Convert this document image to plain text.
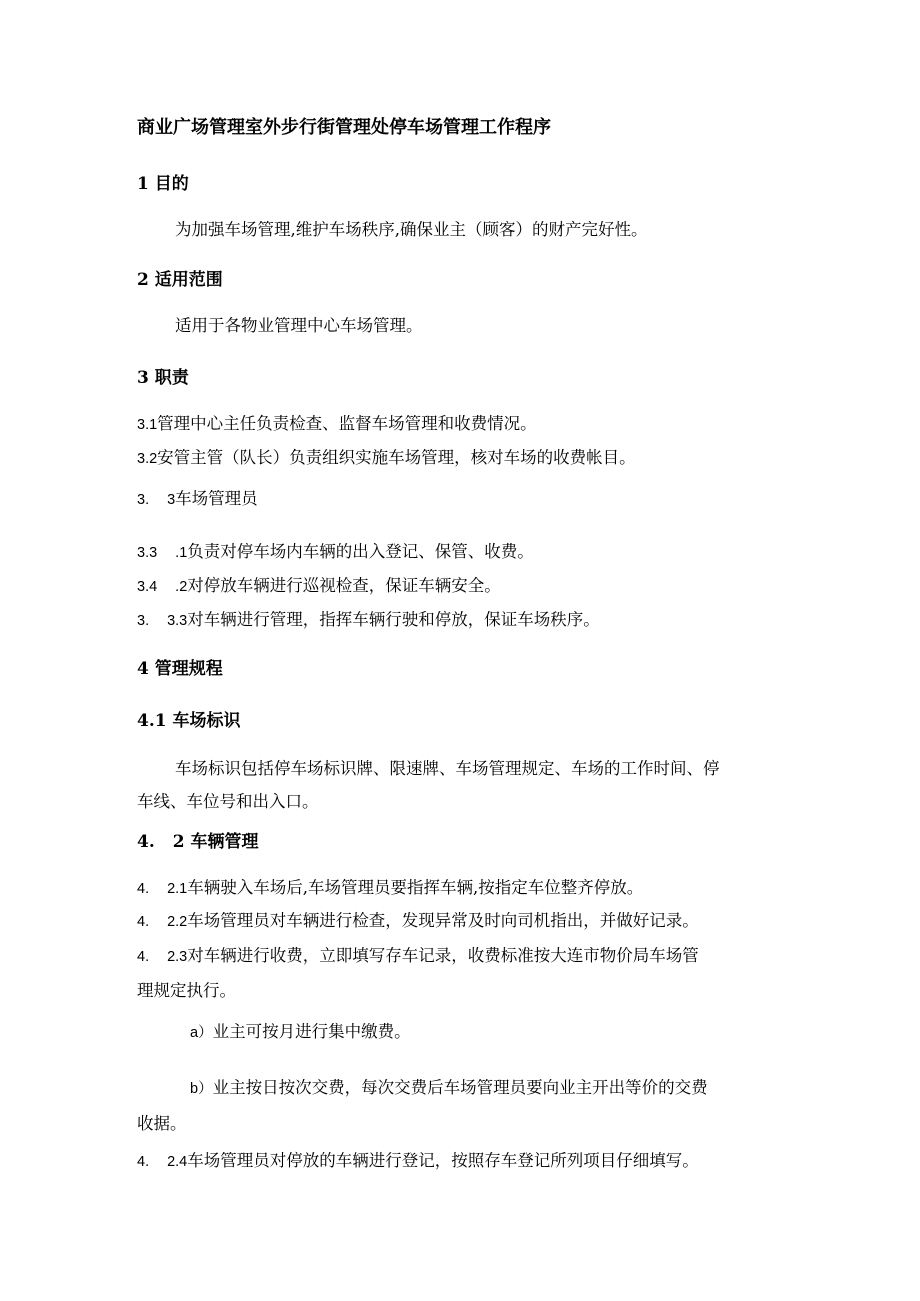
商业广场管理室外步行街管理处停车场管理工作程序
1 目的
为加强车场管理,维护车场秩序,确保业主（顾客）的财产完好性。
2 适用范围
适用于各物业管理中心车场管理。
3 职责
3.1管理中心主任负责检查、监督车场管理和收费情况。
3.2安管主管（队长）负责组织实施车场管理，核对车场的收费帐目。
3. 3车场管理员
3.3 .1负责对停车场内车辆的出入登记、保管、收费。
3.4 .2对停放车辆进行巡视检查，保证车辆安全。
3. 3.3对车辆进行管理，指挥车辆行驶和停放，保证车场秩序。
4 管理规程
4.1 车场标识
车场标识包括停车场标识牌、限速牌、车场管理规定、车场的工作时间、停
车线、车位号和出入口。
4. 2 车辆管理
4. 2.1车辆驶入车场后,车场管理员要指挥车辆,按指定车位整齐停放。
4. 2.2车场管理员对车辆进行检查，发现异常及时向司机指出，并做好记录。
4. 2.3对车辆进行收费，立即填写存车记录，收费标准按大连市物价局车场管
理规定执行。
a）业主可按月进行集中缴费。
b）业主按日按次交费，每次交费后车场管理员要向业主开出等价的交费
收据。
4. 2.4车场管理员对停放的车辆进行登记，按照存车登记所列项目仔细填写。
